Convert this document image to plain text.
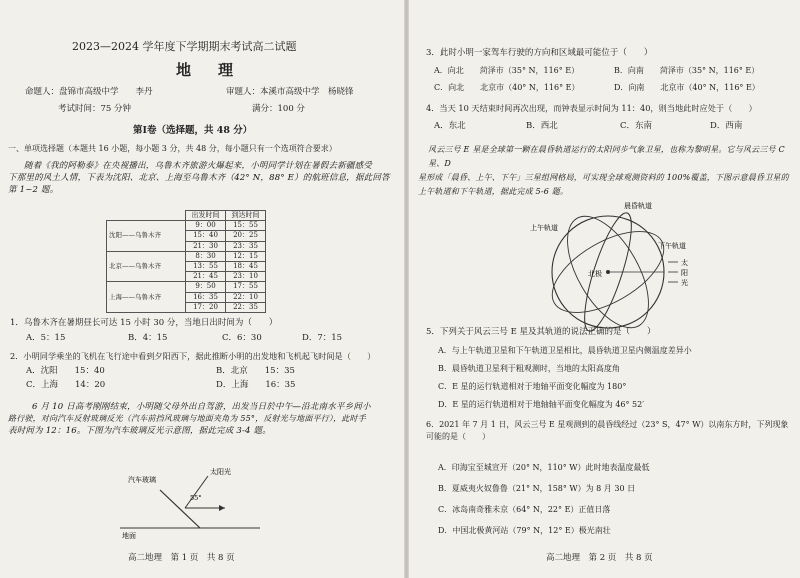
2023—2024 学年度下学期期末考试高二试题
地　理
命题人：盘锦市高级中学　　李丹	审题人：本溪市高级中学　杨晓锋
考试时间：75 分钟	满分：100 分
第Ⅰ卷（选择题，共 48 分）
一、单项选择题（本题共 16 小题，每小题 3 分，共 48 分，每小题只有一个选项符合要求）
随着《我的阿勒泰》在央视播出，乌鲁木齐旅游火爆起来，小明同学计划在暑假去新疆感受
下那里的风土人情，下表为沈阳、北京、上海至乌鲁木齐（42° N，88° E）的航班信息，据此回答
第 1~2 题。
	出发时间	到达时间
沈阳——乌鲁木齐	9：00	15：55
	15：40	20：25
	21：30	23：35
北京——乌鲁木齐	8：30	12：15
	13：55	18：45
	21：45	23：10
上海——乌鲁木齐	9：50	17：55
	16：35	22：10
	17：20	22：35
1．乌鲁木齐在暑期昼长可达 15 小时 30 分，当地日出时间为（　　）
A．5：15	B．4：15	C．6：30	D．7：15
2．小明同学乘坐的飞机在飞行途中看到夕阳西下，据此推断小明的出发地和飞机起飞时间是（　　）
A．沈阳　　15：40	B．北京　　15：35
C．上海　　14：20	D．上海　　16：35
6 月 10 日高考刚刚结束，小明随父母外出自驾游，出发当日於中午—沿北南水平乡间小
路行驶，对向汽车反射玻璃反光（汽车前挡风玻璃与地面夹角为 55°，反射光与地面平行），此时手
表时间为 12：16。下图为汽车玻璃反光示意图，据此完成 3-4 题。
汽车玻璃
太阳光
55°
地面
高二地理　第 1 页　共 8 页
3．此时小明一家驾车行驶的方向和区域最可能位于（　　）
A．向北　　菏泽市（35° N，116° E）	B．向南　　菏泽市（35° N，116° E）
C．向北　　北京市（40° N，116° E）	D．向南　　北京市（40° N，116° E）
4．当天 10 天结束时间再次出现，而钟表显示时间为 11：40，则当地此时应处于（　　）
A．东北	B．西北	C．东南	D．西南
风云三号 E 星是全球第一颗在晨昏轨道运行的太阳同步气象卫星，也称为黎明星。它与风云三号 C 星、D
星形成「晨昏、上午、下午」三星组网格局，可实现全球观测资料的 100%覆盖，下图示意晨昏卫星的
上午轨道和下午轨道，据此完成 5-6 题。
晨昏轨道
上午轨道
下午轨道
北极
太
阳
光
5．下列关于风云三号 E 星及其轨道的说法正确的是（　　）
A．与上午轨道卫星和下午轨道卫星相比，晨昏轨道卫星内侧温度差异小
B．晨昏轨道卫星利于粗观测时，当地的太阳高度角
C．E 星的运行轨道相对于地轴平面变化幅度为 180°
D．E 星的运行轨道相对于地轴轴平面变化幅度为 46° 52′
6．2021 年 7 月 1 日，风云三号 E 星观测到的晨昏线经过（23° S，47° W）以南东方时，下列现象可能的是（　　）
A．印海宝至城宣开（20° N，110° W）此时地表温度最低
B．夏威夷火奴鲁鲁（21° N，158° W）为 8 月 30 日
C．冰岛南奇雅未京（64° N，22° E）正值日落
D．中国北极黄河站（79° N，12° E）极光南壮
高二地理　第 2 页　共 8 页
